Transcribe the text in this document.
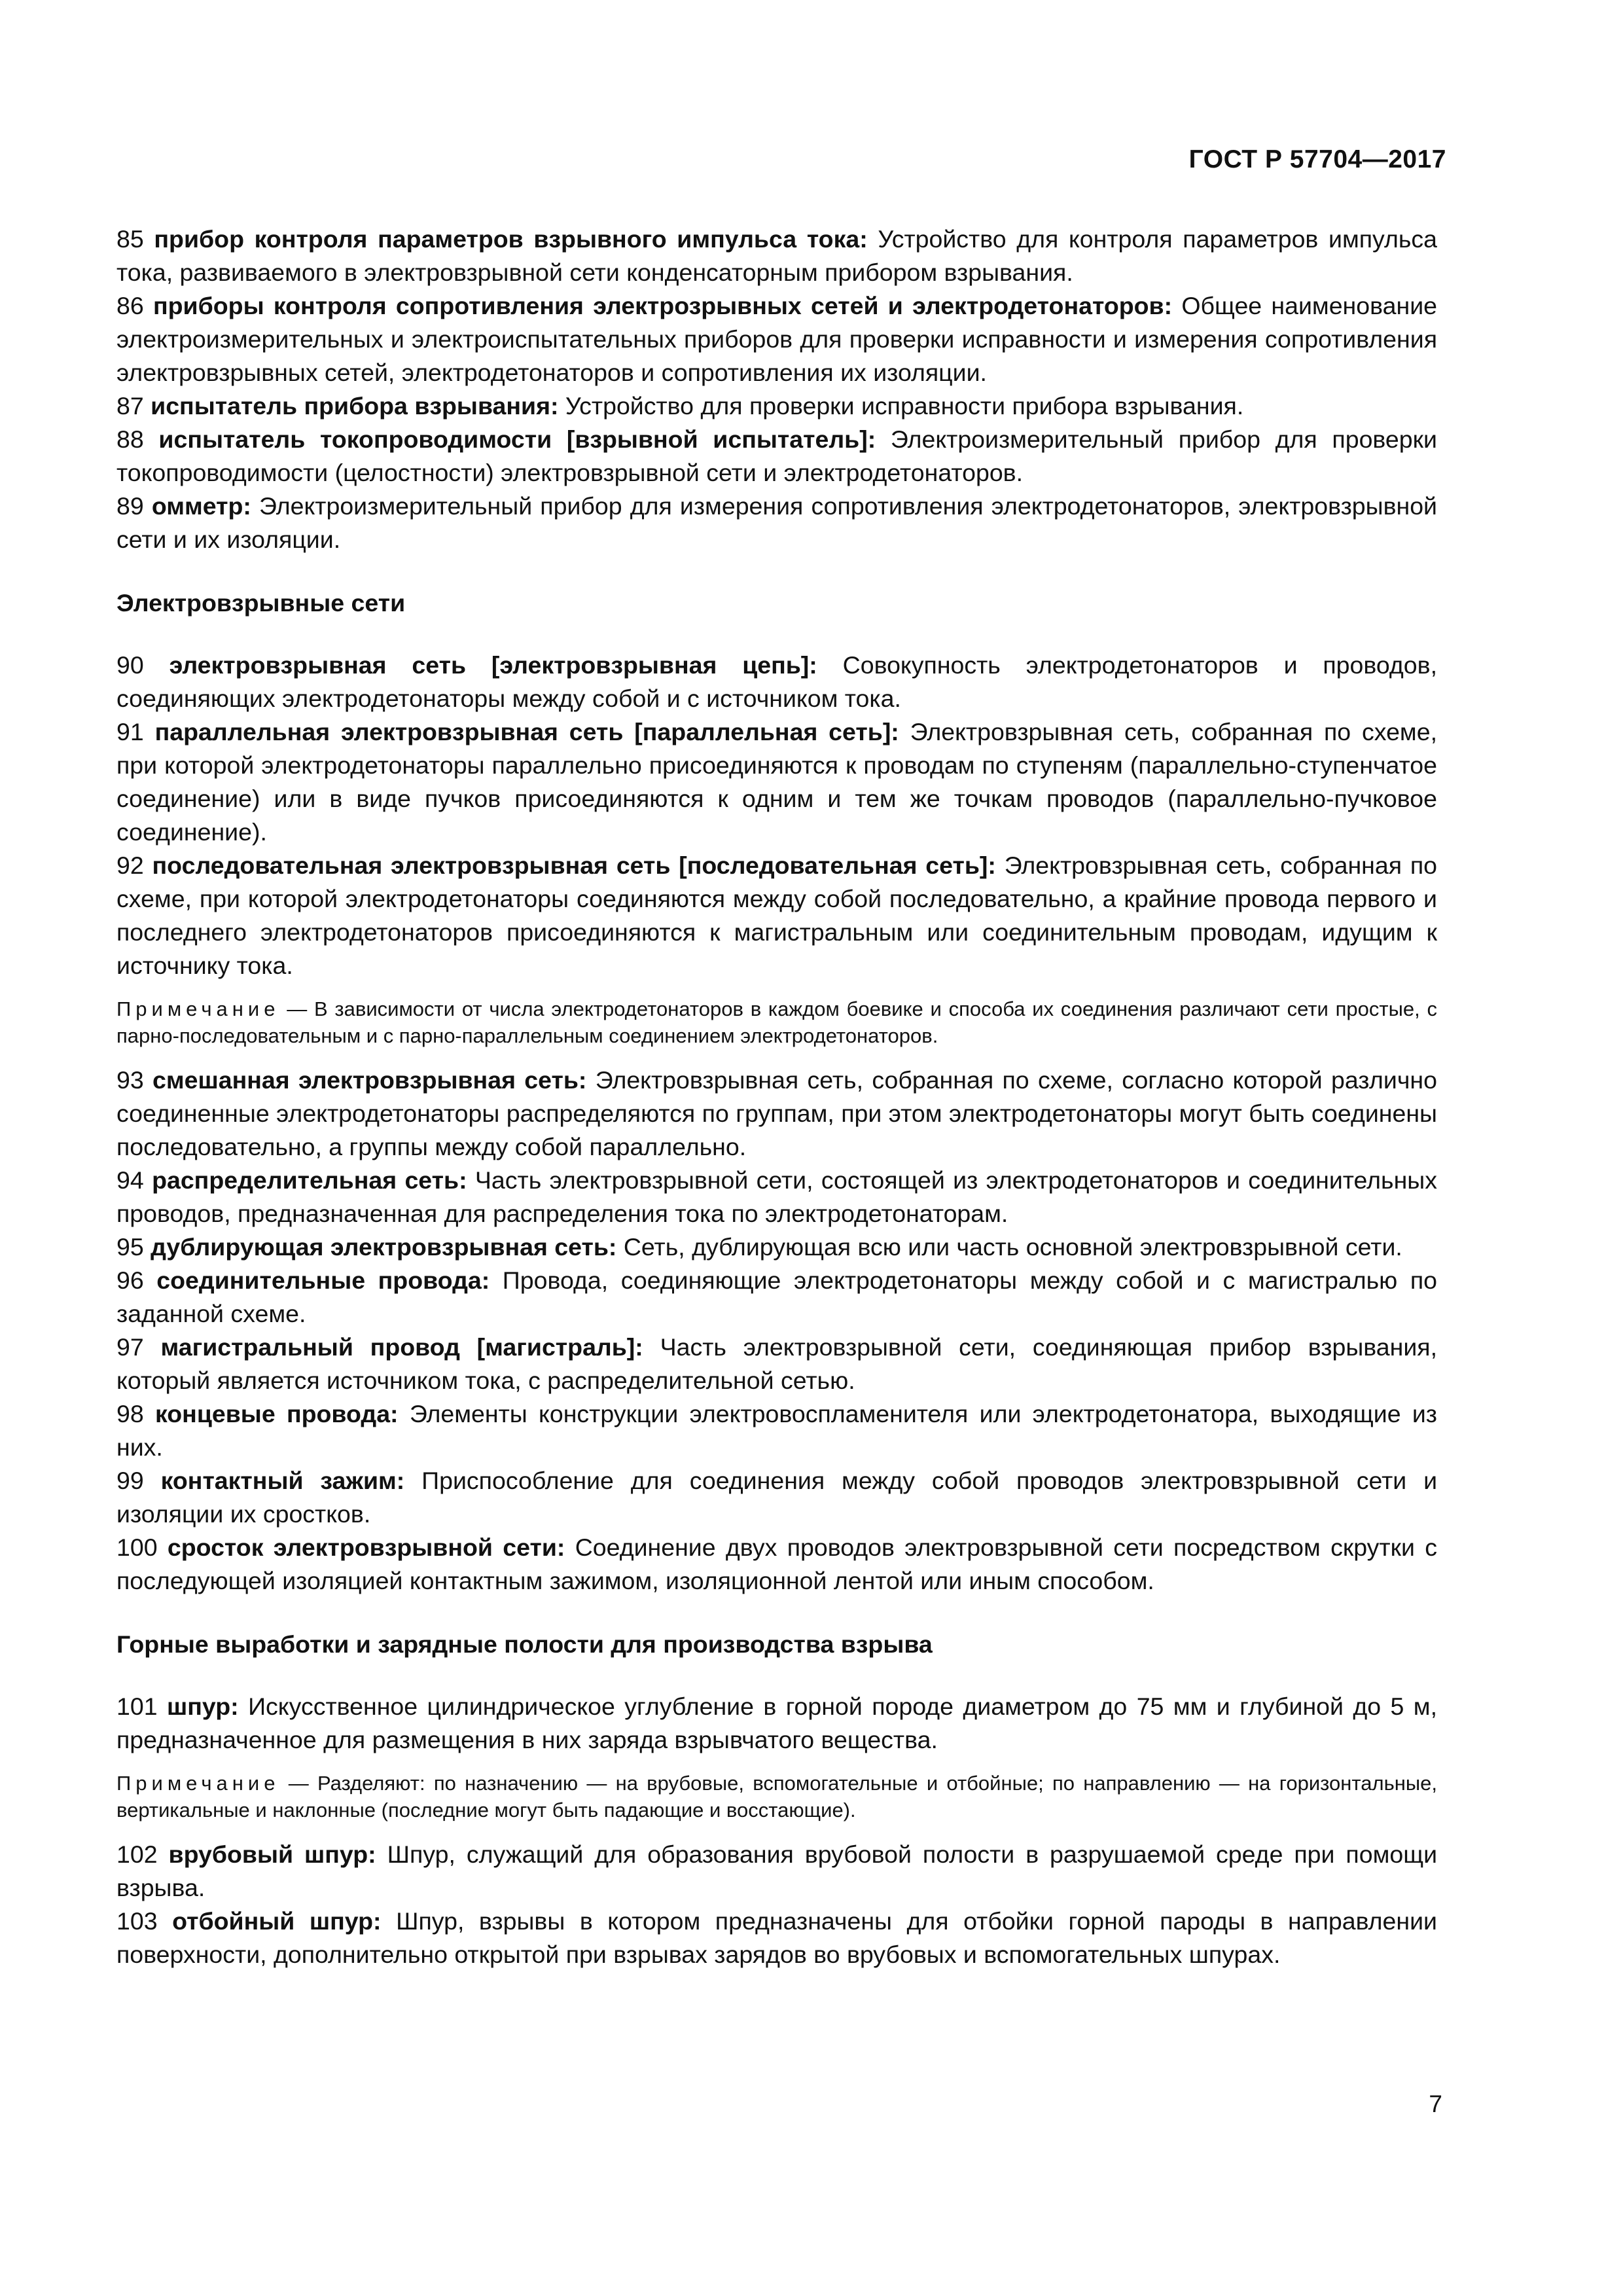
ГОСТ Р 57704—2017

85 прибор контроля параметров взрывного импульса тока: Устройство для контроля параметров импульса тока, развиваемого в электровзрывной сети конденсаторным прибором взрывания.

86 приборы контроля сопротивления электрозрывных сетей и электродетонаторов: Общее наименование электроизмерительных и электроиспытательных приборов для проверки исправности и измерения сопротивления электровзрывных сетей, электродетонаторов и сопротивления их изоляции.

87 испытатель прибора взрывания: Устройство для проверки исправности прибора взрывания.

88 испытатель токопроводимости [взрывной испытатель]: Электроизмерительный прибор для проверки токопроводимости (целостности) электровзрывной сети и электродетонаторов.

89 омметр: Электроизмерительный прибор для измерения сопротивления электродетонаторов, электровзрывной сети и их изоляции.

Электровзрывные сети

90 электровзрывная сеть [электровзрывная цепь]: Совокупность электродетонаторов и проводов, соединяющих электродетонаторы между собой и с источником тока.

91 параллельная электровзрывная сеть [параллельная сеть]: Электровзрывная сеть, собранная по схеме, при которой электродетонаторы параллельно присоединяются к проводам по ступеням (параллельно-ступенчатое соединение) или в виде пучков присоединяются к одним и тем же точкам проводов (параллельно-пучковое соединение).

92 последовательная электровзрывная сеть [последовательная сеть]: Электровзрывная сеть, собранная по схеме, при которой электродетонаторы соединяются между собой последовательно, а крайние провода первого и последнего электродетонаторов присоединяются к магистральным или соединительным проводам, идущим к источнику тока.

Примечание — В зависимости от числа электродетонаторов в каждом боевике и способа их соединения различают сети простые, с парно-последовательным и с парно-параллельным соединением электродетонаторов.

93 смешанная электровзрывная сеть: Электровзрывная сеть, собранная по схеме, согласно которой различно соединенные электродетонаторы распределяются по группам, при этом электродетонаторы могут быть соединены последовательно, а группы между собой параллельно.

94 распределительная сеть: Часть электровзрывной сети, состоящей из электродетонаторов и соединительных проводов, предназначенная для распределения тока по электродетонаторам.

95 дублирующая электровзрывная сеть: Сеть, дублирующая всю или часть основной электровзрывной сети.

96 соединительные провода: Провода, соединяющие электродетонаторы между собой и с магистралью по заданной схеме.

97 магистральный провод [магистраль]: Часть электровзрывной сети, соединяющая прибор взрывания, который является источником тока, с распределительной сетью.

98 концевые провода: Элементы конструкции электровоспламенителя или электродетонатора, выходящие из них.

99 контактный зажим: Приспособление для соединения между собой проводов электровзрывной сети и изоляции их сростков.

100 сросток электровзрывной сети: Соединение двух проводов электровзрывной сети посредством скрутки с последующей изоляцией контактным зажимом, изоляционной лентой или иным способом.

Горные выработки и зарядные полости для производства взрыва

101 шпур: Искусственное цилиндрическое углубление в горной породе диаметром до 75 мм и глубиной до 5 м, предназначенное для размещения в них заряда взрывчатого вещества.

Примечание — Разделяют: по назначению — на врубовые, вспомогательные и отбойные; по направлению — на горизонтальные, вертикальные и наклонные (последние могут быть падающие и восстающие).

102 врубовый шпур: Шпур, служащий для образования врубовой полости в разрушаемой среде при помощи взрыва.

103 отбойный шпур: Шпур, взрывы в котором предназначены для отбойки горной пароды в направлении поверхности, дополнительно открытой при взрывах зарядов во врубовых и вспомогательных шпурах.

7
